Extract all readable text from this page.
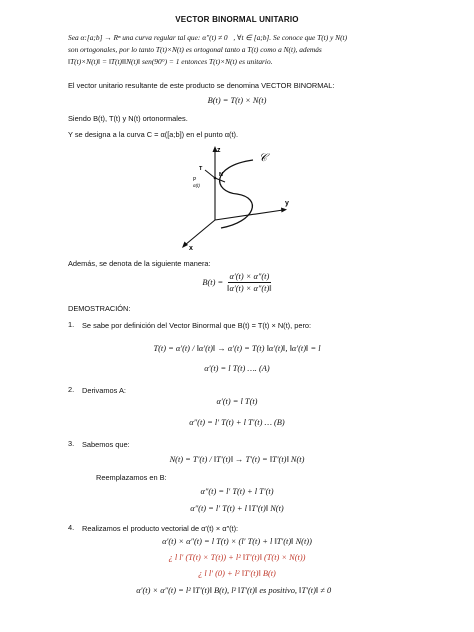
VECTOR BINORMAL UNITARIO
Sea α:[a;b] → Rⁿ una curva regular tal que: α″(t) ≠ 0⃗, ∀t ∈ [a;b]. Se conoce que T(t) y N(t)
son ortogonales, por lo tanto T(t)×N(t) es ortogonal tanto a T(t) como a N(t), además
‖T(t)×N(t)‖ = ‖T(t)‖‖N(t)‖ sen(90°) = 1 entonces T(t)×N(t) es unitario.
El vector unitario resultante de este producto se denomina VECTOR BINORMAL:
B(t) = T(t) × N(t)
Siendo B(t), T(t) y N(t) ortonormales.
Y se designa a la curva C = α([a;b]) en el punto α(t).
z
y
x
𝒞
T
N
P
α(t)
Además, se denota de la siguiente manera:
$B(t) = \frac{\alpha'(t) \times \alpha''(t)}{‖\alpha'(t) \times \alpha''(t)‖}$
DEMOSTRACIÓN:
1. Se sabe por definición del Vector Binormal que B(t) = T(t) × N(t), pero:
T(t) = α′(t) / ‖α′(t)‖ → α′(t) = T(t) ‖α′(t)‖, ‖α′(t)‖ = l
α′(t) = l T(t) …. (A)
2. Derivamos A:
α′(t) = l T(t)
α″(t) = l′ T(t) + l T′(t) … (B)
3. Sabemos que:
N(t) = T′(t) / ‖T′(t)‖ → T′(t) = ‖T′(t)‖ N(t)
Reemplazamos en B:
α″(t) = l′ T(t) + l T′(t)
α″(t) = l′ T(t) + l ‖T′(t)‖ N(t)
4. Realizamos el producto vectorial de α′(t) × α″(t):
α′(t) × α″(t) = l T(t) × (l′ T(t) + l ‖T′(t)‖ N(t))
¿ l l′ (T(t) × T(t)) + l² ‖T′(t)‖ (T(t) × N(t))
¿ l l′ (0) + l² ‖T′(t)‖ B(t)
α′(t) × α″(t) = l² ‖T′(t)‖ B(t), l² ‖T′(t)‖ es positivo, ‖T′(t)‖ ≠ 0⃗
